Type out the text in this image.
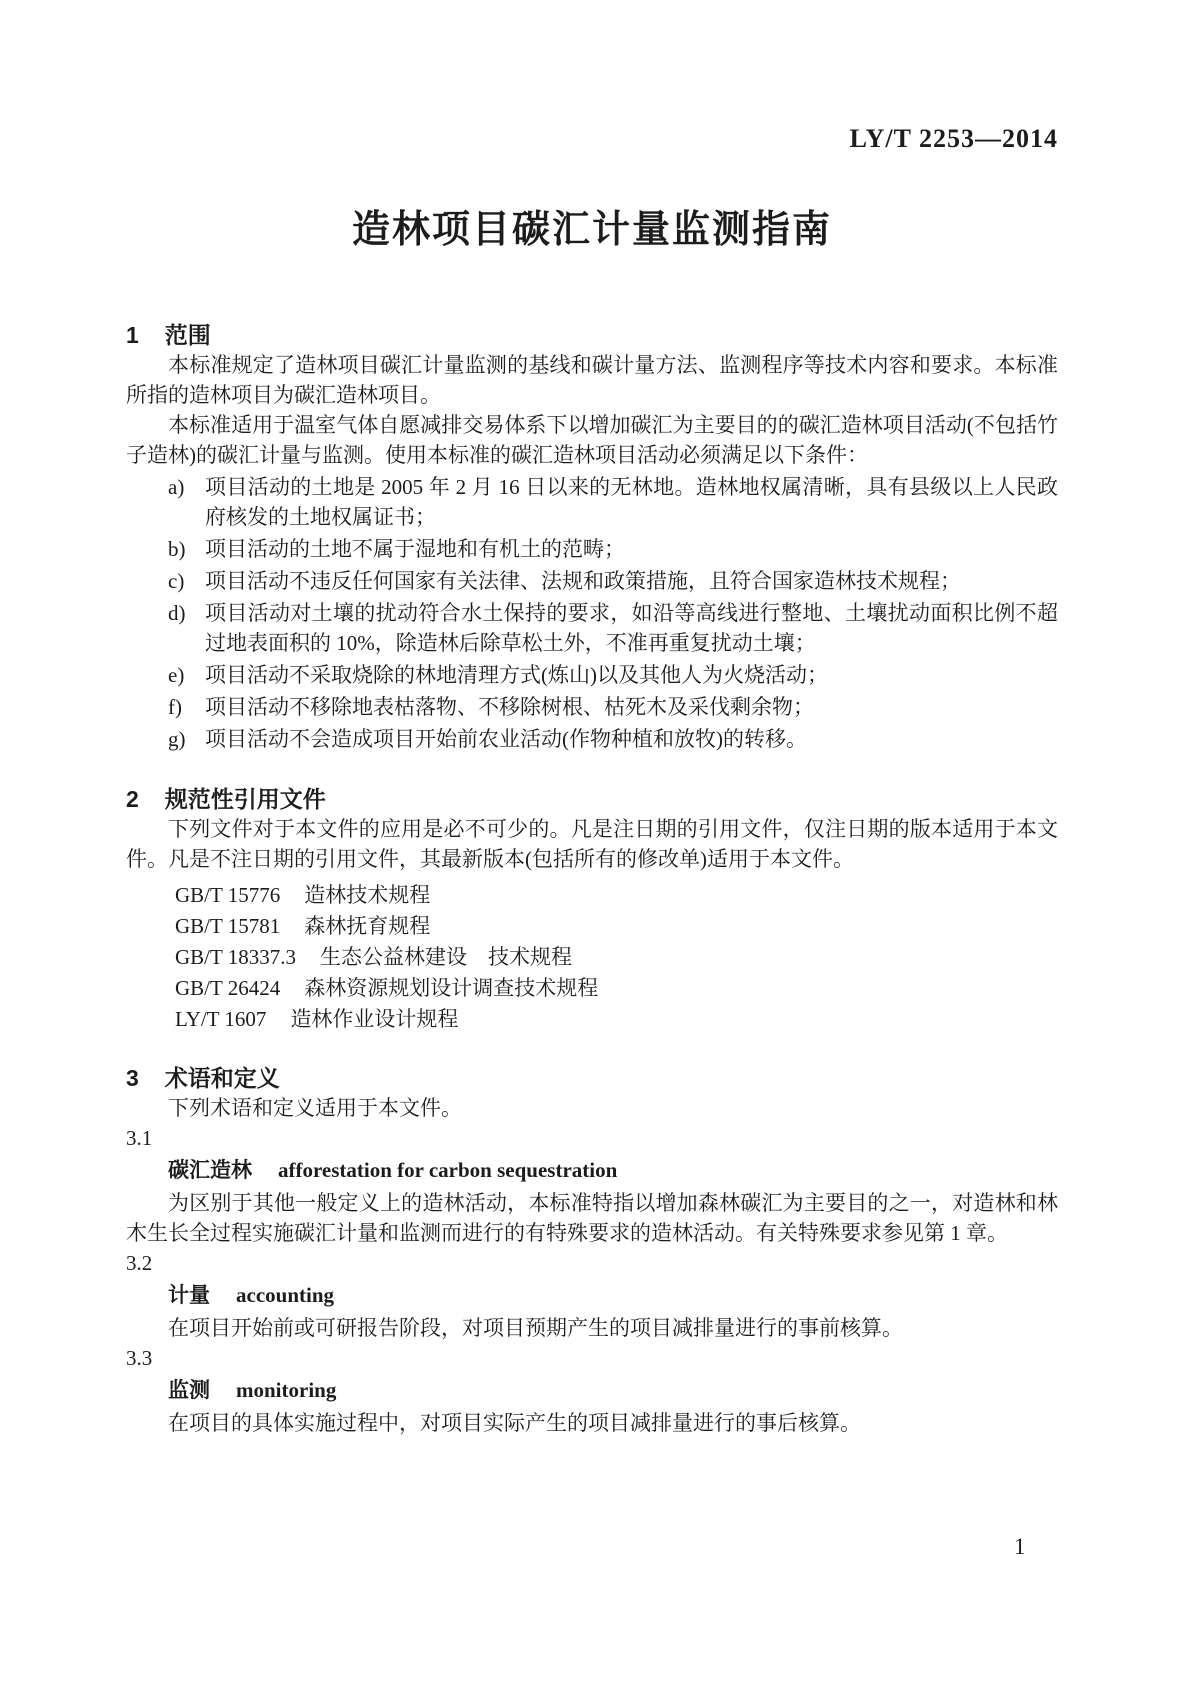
LY/T 2253—2014
造林项目碳汇计量监测指南
1 范围

本标准规定了造林项目碳汇计量监测的基线和碳计量方法、监测程序等技术内容和要求。本标准所指的造林项目为碳汇造林项目。

本标准适用于温室气体自愿减排交易体系下以增加碳汇为主要目的的碳汇造林项目活动(不包括竹子造林)的碳汇计量与监测。使用本标准的碳汇造林项目活动必须满足以下条件：

a) 项目活动的土地是 2005 年 2 月 16 日以来的无林地。造林地权属清晰，具有县级以上人民政府核发的土地权属证书；
b) 项目活动的土地不属于湿地和有机土的范畴；
c) 项目活动不违反任何国家有关法律、法规和政策措施，且符合国家造林技术规程；
d) 项目活动对土壤的扰动符合水土保持的要求，如沿等高线进行整地、土壤扰动面积比例不超过地表面积的 10%，除造林后除草松土外，不准再重复扰动土壤；
e) 项目活动不采取烧除的林地清理方式(炼山)以及其他人为火烧活动；
f)	项目活动不移除地表枯落物、不移除树根、枯死木及采伐剩余物；
g) 项目活动不会造成项目开始前农业活动(作物种植和放牧)的转移。
2 规范性引用文件

下列文件对于本文件的应用是必不可少的。凡是注日期的引用文件，仅注日期的版本适用于本文件。凡是不注日期的引用文件，其最新版本(包括所有的修改单)适用于本文件。

GB/T 15776 造林技术规程
GB/T 15781 森林抚育规程
GB/T 18337.3 生态公益林建设　技术规程
GB/T 26424 森林资源规划设计调查技术规程
LY/T 1607 造林作业设计规程
3 术语和定义

下列术语和定义适用于本文件。

3.1
碳汇造林 afforestation for carbon sequestration

为区别于其他一般定义上的造林活动，本标准特指以增加森林碳汇为主要目的之一，对造林和林木生长全过程实施碳汇计量和监测而进行的有特殊要求的造林活动。有关特殊要求参见第 1 章。

3.2
计量 accounting

在项目开始前或可研报告阶段，对项目预期产生的项目减排量进行的事前核算。

3.3
监测 monitoring

在项目的具体实施过程中，对项目实际产生的项目减排量进行的事后核算。

1
